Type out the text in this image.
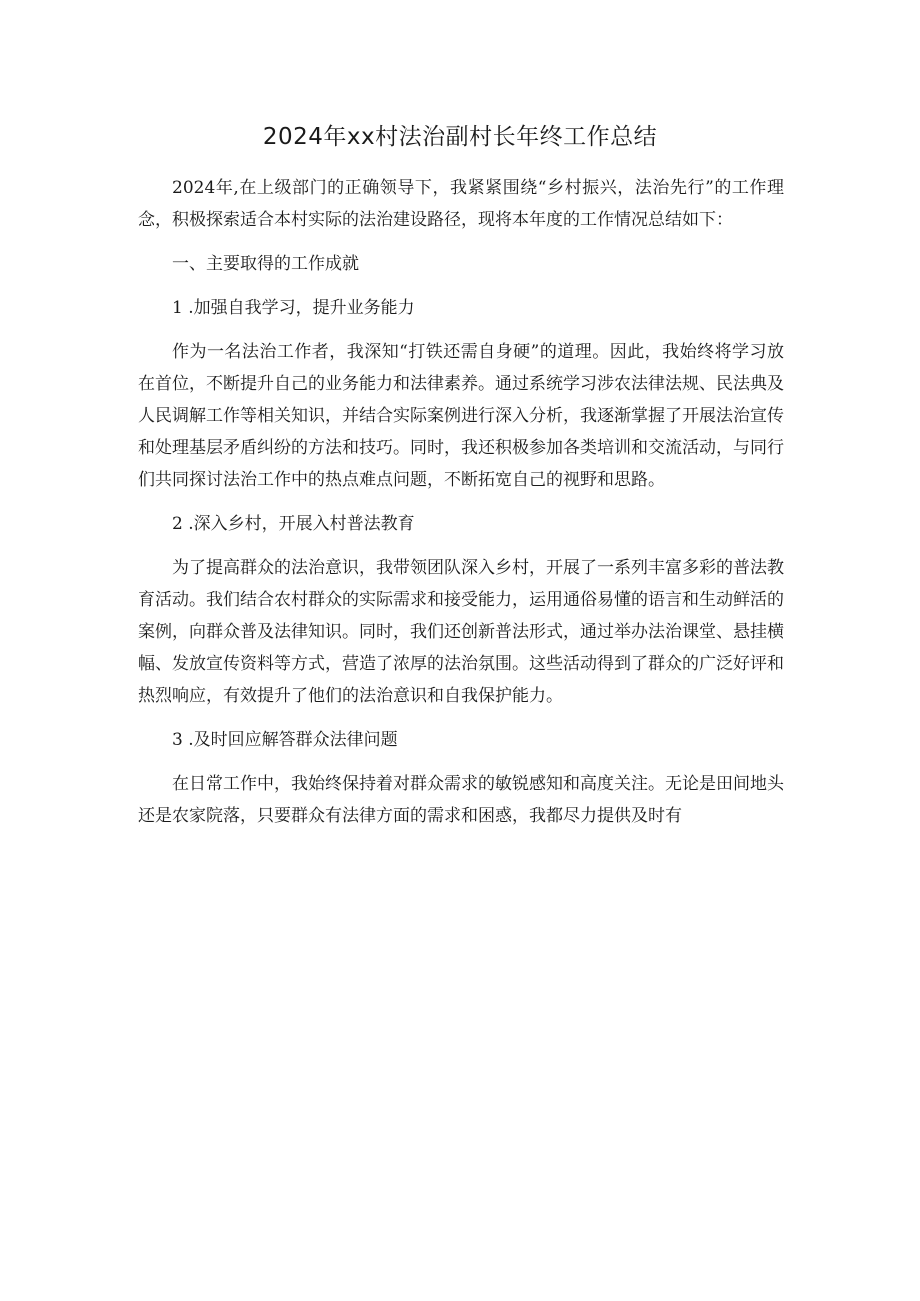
2024年xx村法治副村长年终工作总结

2024年,在上级部门的正确领导下，我紧紧围绕“乡村振兴，法治先行”的工作理念，积极探索适合本村实际的法治建设路径，现将本年度的工作情况总结如下：

一、主要取得的工作成就

1 .加强自我学习，提升业务能力

作为一名法治工作者，我深知“打铁还需自身硬”的道理。因此，我始终将学习放在首位，不断提升自己的业务能力和法律素养。通过系统学习涉农法律法规、民法典及人民调解工作等相关知识，并结合实际案例进行深入分析，我逐渐掌握了开展法治宣传和处理基层矛盾纠纷的方法和技巧。同时，我还积极参加各类培训和交流活动，与同行们共同探讨法治工作中的热点难点问题，不断拓宽自己的视野和思路。

2 .深入乡村，开展入村普法教育

为了提高群众的法治意识，我带领团队深入乡村，开展了一系列丰富多彩的普法教育活动。我们结合农村群众的实际需求和接受能力，运用通俗易懂的语言和生动鲜活的案例，向群众普及法律知识。同时，我们还创新普法形式，通过举办法治课堂、悬挂横幅、发放宣传资料等方式，营造了浓厚的法治氛围。这些活动得到了群众的广泛好评和热烈响应，有效提升了他们的法治意识和自我保护能力。

3 .及时回应解答群众法律问题

在日常工作中，我始终保持着对群众需求的敏锐感知和高度关注。无论是田间地头还是农家院落，只要群众有法律方面的需求和困惑，我都尽力提供及时有
